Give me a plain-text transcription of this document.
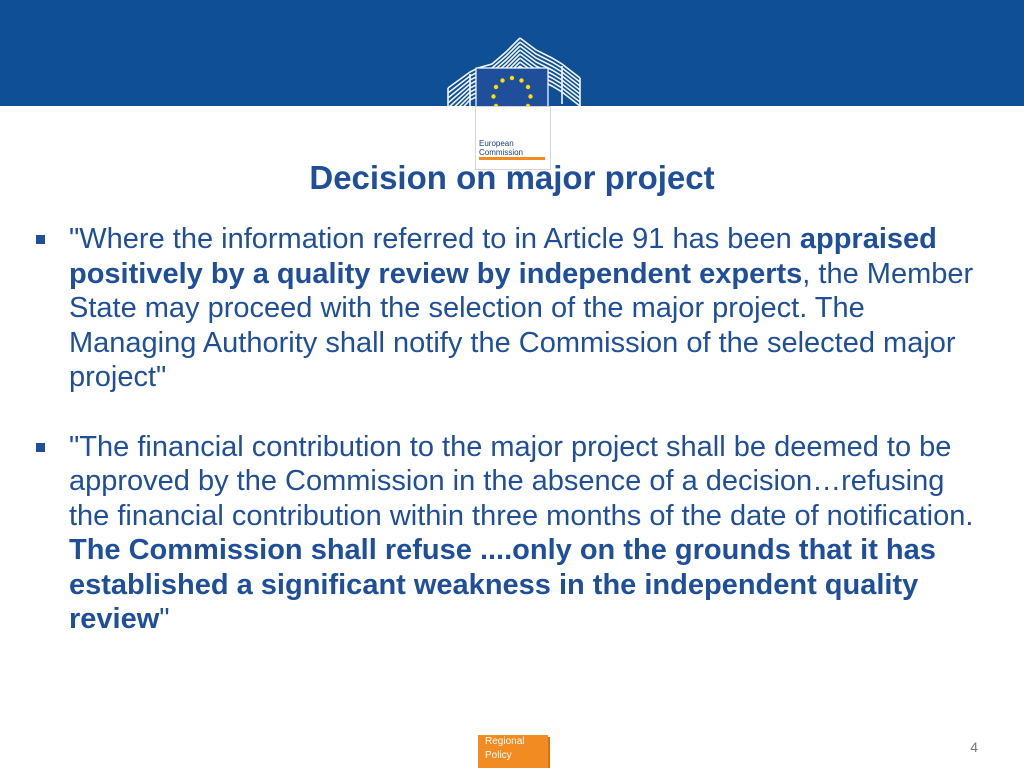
European
Commission
Decision on major project
"Where the information referred to in Article 91 has been appraised positively by a quality review by independent experts, the Member State may proceed with the selection of the major project. The Managing Authority shall notify the Commission of the selected major project"
"The financial contribution to the major project shall be deemed to be approved by the Commission in the absence of a decision…refusing the financial contribution within three months of the date of notification. The Commission shall refuse ....only on the grounds that it has established a significant weakness in the independent quality review"
Regional
Policy
4
